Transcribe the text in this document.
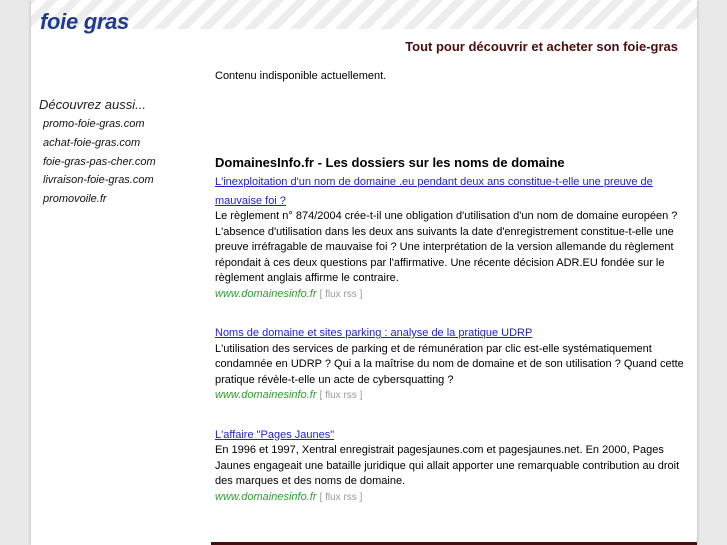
foie gras
Tout pour découvrir et acheter son foie-gras
Contenu indisponible actuellement.

Découvrez aussi...

promo-foie-gras.com
achat-foie-gras.com
foie-gras-pas-cher.com
livraison-foie-gras.com
promovoile.fr
DomainesInfo.fr - Les dossiers sur les noms de domaine
L'inexploitation d'un nom de domaine .eu pendant deux ans constitue-t-elle une preuve de mauvaise foi ?

Le règlement n° 874/2004 crée-t-il une obligation d'utilisation d'un nom de domaine européen ? L'absence d'utilisation dans les deux ans suivants la date d'enregistrement constitue-t-elle une preuve irréfragable de mauvaise foi ? Une interprétation de la version allemande du règlement répondait à ces deux questions par l'affirmative. Une récente décision ADR.EU fondée sur le règlement anglais affirme le contraire.

www.domainesinfo.fr [ flux rss ]

Noms de domaine et sites parking : analyse de la pratique UDRP

L'utilisation des services de parking et de rémunération par clic est-elle systématiquement condamnée en UDRP ? Qui a la maîtrise du nom de domaine et de son utilisation ? Quand cette pratique révèle-t-elle un acte de cybersquatting ?

www.domainesinfo.fr [ flux rss ]

L'affaire "Pages Jaunes"

En 1996 et 1997, Xentral enregistrait pagesjaunes.com et pagesjaunes.net. En 2000, Pages Jaunes engageait une bataille juridique qui allait apporter une remarquable contribution au droit des marques et des noms de domaine.

www.domainesinfo.fr [ flux rss ]
